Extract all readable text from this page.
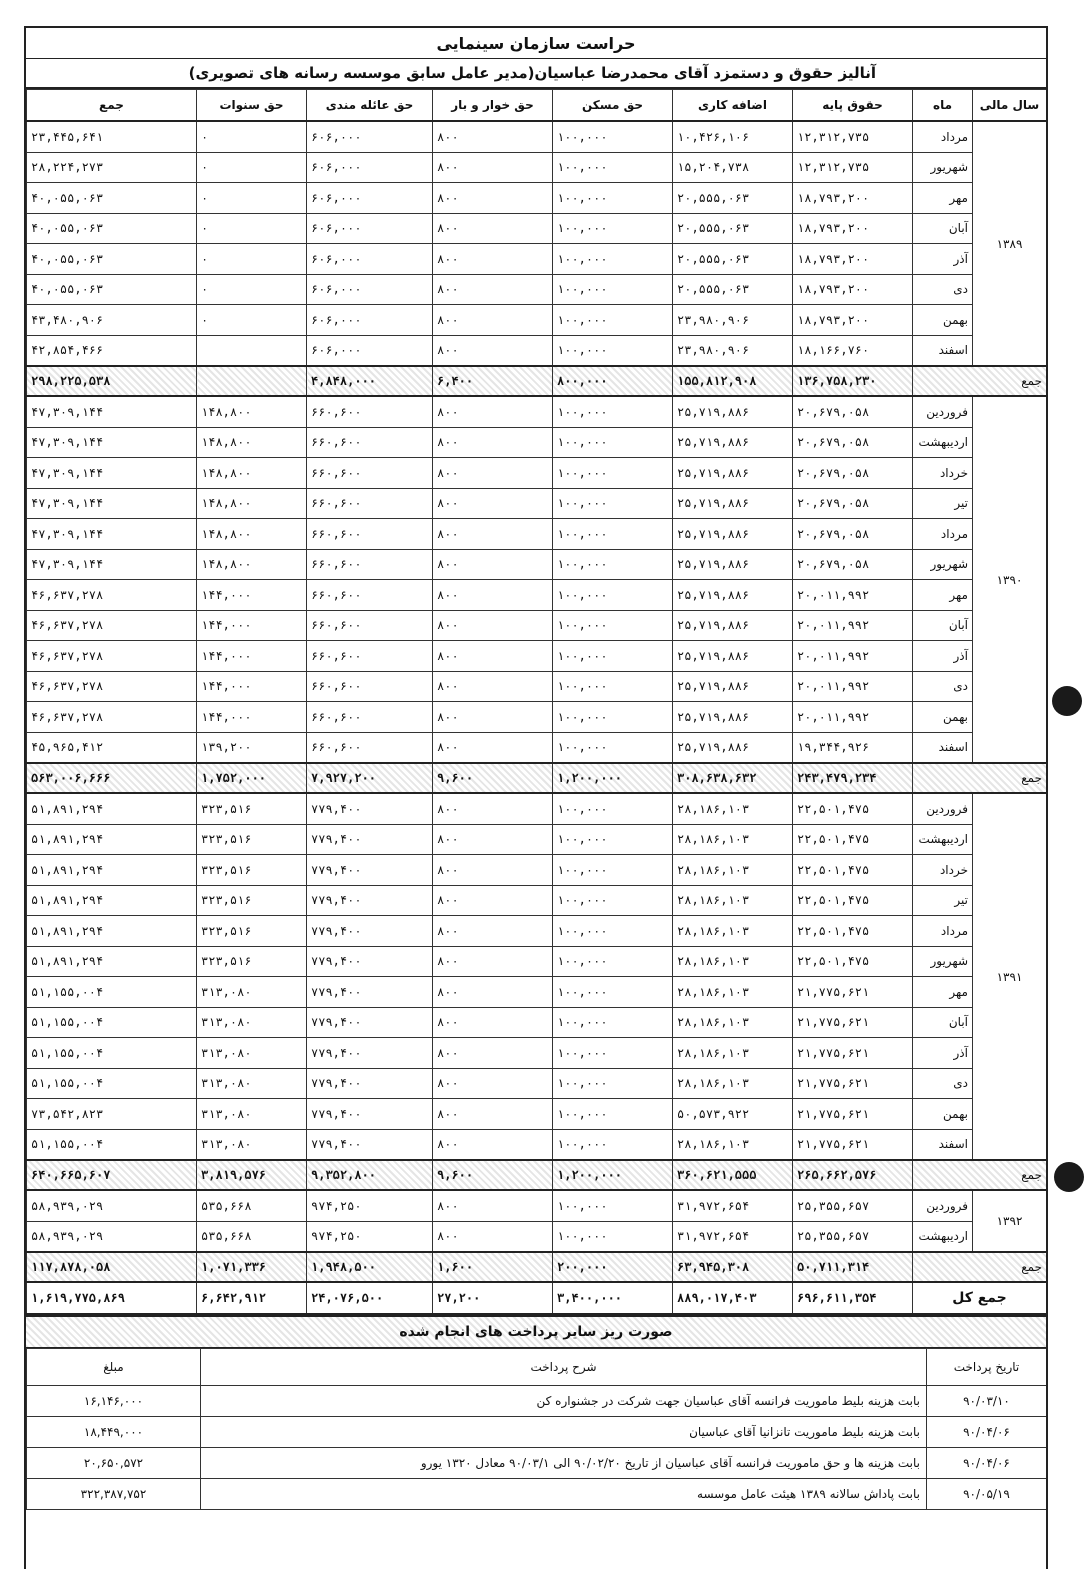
حراست سازمان سینمایی
آنالیز حقوق و دستمزد آقای محمدرضا عباسیان(مدیر عامل سابق موسسه رسانه های تصویری)
سال مالی	ماه	حقوق پایه	اضافه کاری	حق مسکن	حق خوار و بار	حق عائله مندی	حق سنوات	جمع
۱۳۸۹	مرداد	۱۲,۳۱۲,۷۳۵	۱۰,۴۲۶,۱۰۶	۱۰۰,۰۰۰	۸۰۰	۶۰۶,۰۰۰	۰	۲۳,۴۴۵,۶۴۱
	شهریور	۱۲,۳۱۲,۷۳۵	۱۵,۲۰۴,۷۳۸	۱۰۰,۰۰۰	۸۰۰	۶۰۶,۰۰۰	۰	۲۸,۲۲۴,۲۷۳
	مهر	۱۸,۷۹۳,۲۰۰	۲۰,۵۵۵,۰۶۳	۱۰۰,۰۰۰	۸۰۰	۶۰۶,۰۰۰	۰	۴۰,۰۵۵,۰۶۳
	آبان	۱۸,۷۹۳,۲۰۰	۲۰,۵۵۵,۰۶۳	۱۰۰,۰۰۰	۸۰۰	۶۰۶,۰۰۰	۰	۴۰,۰۵۵,۰۶۳
	آذر	۱۸,۷۹۳,۲۰۰	۲۰,۵۵۵,۰۶۳	۱۰۰,۰۰۰	۸۰۰	۶۰۶,۰۰۰	۰	۴۰,۰۵۵,۰۶۳
	دی	۱۸,۷۹۳,۲۰۰	۲۰,۵۵۵,۰۶۳	۱۰۰,۰۰۰	۸۰۰	۶۰۶,۰۰۰	۰	۴۰,۰۵۵,۰۶۳
	بهمن	۱۸,۷۹۳,۲۰۰	۲۳,۹۸۰,۹۰۶	۱۰۰,۰۰۰	۸۰۰	۶۰۶,۰۰۰	۰	۴۳,۴۸۰,۹۰۶
	اسفند	۱۸,۱۶۶,۷۶۰	۲۳,۹۸۰,۹۰۶	۱۰۰,۰۰۰	۸۰۰	۶۰۶,۰۰۰		۴۲,۸۵۴,۴۶۶
جمع		۱۳۶,۷۵۸,۲۳۰	۱۵۵,۸۱۲,۹۰۸	۸۰۰,۰۰۰	۶,۴۰۰	۴,۸۴۸,۰۰۰		۲۹۸,۲۲۵,۵۳۸
۱۳۹۰	فروردین	۲۰,۶۷۹,۰۵۸	۲۵,۷۱۹,۸۸۶	۱۰۰,۰۰۰	۸۰۰	۶۶۰,۶۰۰	۱۴۸,۸۰۰	۴۷,۳۰۹,۱۴۴
	اردیبهشت	۲۰,۶۷۹,۰۵۸	۲۵,۷۱۹,۸۸۶	۱۰۰,۰۰۰	۸۰۰	۶۶۰,۶۰۰	۱۴۸,۸۰۰	۴۷,۳۰۹,۱۴۴
	خرداد	۲۰,۶۷۹,۰۵۸	۲۵,۷۱۹,۸۸۶	۱۰۰,۰۰۰	۸۰۰	۶۶۰,۶۰۰	۱۴۸,۸۰۰	۴۷,۳۰۹,۱۴۴
	تیر	۲۰,۶۷۹,۰۵۸	۲۵,۷۱۹,۸۸۶	۱۰۰,۰۰۰	۸۰۰	۶۶۰,۶۰۰	۱۴۸,۸۰۰	۴۷,۳۰۹,۱۴۴
	مرداد	۲۰,۶۷۹,۰۵۸	۲۵,۷۱۹,۸۸۶	۱۰۰,۰۰۰	۸۰۰	۶۶۰,۶۰۰	۱۴۸,۸۰۰	۴۷,۳۰۹,۱۴۴
	شهریور	۲۰,۶۷۹,۰۵۸	۲۵,۷۱۹,۸۸۶	۱۰۰,۰۰۰	۸۰۰	۶۶۰,۶۰۰	۱۴۸,۸۰۰	۴۷,۳۰۹,۱۴۴
	مهر	۲۰,۰۱۱,۹۹۲	۲۵,۷۱۹,۸۸۶	۱۰۰,۰۰۰	۸۰۰	۶۶۰,۶۰۰	۱۴۴,۰۰۰	۴۶,۶۳۷,۲۷۸
	آبان	۲۰,۰۱۱,۹۹۲	۲۵,۷۱۹,۸۸۶	۱۰۰,۰۰۰	۸۰۰	۶۶۰,۶۰۰	۱۴۴,۰۰۰	۴۶,۶۳۷,۲۷۸
	آذر	۲۰,۰۱۱,۹۹۲	۲۵,۷۱۹,۸۸۶	۱۰۰,۰۰۰	۸۰۰	۶۶۰,۶۰۰	۱۴۴,۰۰۰	۴۶,۶۳۷,۲۷۸
	دی	۲۰,۰۱۱,۹۹۲	۲۵,۷۱۹,۸۸۶	۱۰۰,۰۰۰	۸۰۰	۶۶۰,۶۰۰	۱۴۴,۰۰۰	۴۶,۶۳۷,۲۷۸
	بهمن	۲۰,۰۱۱,۹۹۲	۲۵,۷۱۹,۸۸۶	۱۰۰,۰۰۰	۸۰۰	۶۶۰,۶۰۰	۱۴۴,۰۰۰	۴۶,۶۳۷,۲۷۸
	اسفند	۱۹,۳۴۴,۹۲۶	۲۵,۷۱۹,۸۸۶	۱۰۰,۰۰۰	۸۰۰	۶۶۰,۶۰۰	۱۳۹,۲۰۰	۴۵,۹۶۵,۴۱۲
جمع		۲۴۳,۴۷۹,۲۳۴	۳۰۸,۶۳۸,۶۳۲	۱,۲۰۰,۰۰۰	۹,۶۰۰	۷,۹۲۷,۲۰۰	۱,۷۵۲,۰۰۰	۵۶۳,۰۰۶,۶۶۶
۱۳۹۱	فروردین	۲۲,۵۰۱,۴۷۵	۲۸,۱۸۶,۱۰۳	۱۰۰,۰۰۰	۸۰۰	۷۷۹,۴۰۰	۳۲۳,۵۱۶	۵۱,۸۹۱,۲۹۴
	اردیبهشت	۲۲,۵۰۱,۴۷۵	۲۸,۱۸۶,۱۰۳	۱۰۰,۰۰۰	۸۰۰	۷۷۹,۴۰۰	۳۲۳,۵۱۶	۵۱,۸۹۱,۲۹۴
	خرداد	۲۲,۵۰۱,۴۷۵	۲۸,۱۸۶,۱۰۳	۱۰۰,۰۰۰	۸۰۰	۷۷۹,۴۰۰	۳۲۳,۵۱۶	۵۱,۸۹۱,۲۹۴
	تیر	۲۲,۵۰۱,۴۷۵	۲۸,۱۸۶,۱۰۳	۱۰۰,۰۰۰	۸۰۰	۷۷۹,۴۰۰	۳۲۳,۵۱۶	۵۱,۸۹۱,۲۹۴
	مرداد	۲۲,۵۰۱,۴۷۵	۲۸,۱۸۶,۱۰۳	۱۰۰,۰۰۰	۸۰۰	۷۷۹,۴۰۰	۳۲۳,۵۱۶	۵۱,۸۹۱,۲۹۴
	شهریور	۲۲,۵۰۱,۴۷۵	۲۸,۱۸۶,۱۰۳	۱۰۰,۰۰۰	۸۰۰	۷۷۹,۴۰۰	۳۲۳,۵۱۶	۵۱,۸۹۱,۲۹۴
	مهر	۲۱,۷۷۵,۶۲۱	۲۸,۱۸۶,۱۰۳	۱۰۰,۰۰۰	۸۰۰	۷۷۹,۴۰۰	۳۱۳,۰۸۰	۵۱,۱۵۵,۰۰۴
	آبان	۲۱,۷۷۵,۶۲۱	۲۸,۱۸۶,۱۰۳	۱۰۰,۰۰۰	۸۰۰	۷۷۹,۴۰۰	۳۱۳,۰۸۰	۵۱,۱۵۵,۰۰۴
	آذر	۲۱,۷۷۵,۶۲۱	۲۸,۱۸۶,۱۰۳	۱۰۰,۰۰۰	۸۰۰	۷۷۹,۴۰۰	۳۱۳,۰۸۰	۵۱,۱۵۵,۰۰۴
	دی	۲۱,۷۷۵,۶۲۱	۲۸,۱۸۶,۱۰۳	۱۰۰,۰۰۰	۸۰۰	۷۷۹,۴۰۰	۳۱۳,۰۸۰	۵۱,۱۵۵,۰۰۴
	بهمن	۲۱,۷۷۵,۶۲۱	۵۰,۵۷۳,۹۲۲	۱۰۰,۰۰۰	۸۰۰	۷۷۹,۴۰۰	۳۱۳,۰۸۰	۷۳,۵۴۲,۸۲۳
	اسفند	۲۱,۷۷۵,۶۲۱	۲۸,۱۸۶,۱۰۳	۱۰۰,۰۰۰	۸۰۰	۷۷۹,۴۰۰	۳۱۳,۰۸۰	۵۱,۱۵۵,۰۰۴
جمع		۲۶۵,۶۶۲,۵۷۶	۳۶۰,۶۲۱,۵۵۵	۱,۲۰۰,۰۰۰	۹,۶۰۰	۹,۳۵۲,۸۰۰	۳,۸۱۹,۵۷۶	۶۴۰,۶۶۵,۶۰۷
۱۳۹۲	فروردین	۲۵,۳۵۵,۶۵۷	۳۱,۹۷۲,۶۵۴	۱۰۰,۰۰۰	۸۰۰	۹۷۴,۲۵۰	۵۳۵,۶۶۸	۵۸,۹۳۹,۰۲۹
	اردیبهشت	۲۵,۳۵۵,۶۵۷	۳۱,۹۷۲,۶۵۴	۱۰۰,۰۰۰	۸۰۰	۹۷۴,۲۵۰	۵۳۵,۶۶۸	۵۸,۹۳۹,۰۲۹
جمع		۵۰,۷۱۱,۳۱۴	۶۳,۹۴۵,۳۰۸	۲۰۰,۰۰۰	۱,۶۰۰	۱,۹۴۸,۵۰۰	۱,۰۷۱,۳۳۶	۱۱۷,۸۷۸,۰۵۸
جمع کل		۶۹۶,۶۱۱,۳۵۴	۸۸۹,۰۱۷,۴۰۳	۳,۴۰۰,۰۰۰	۲۷,۲۰۰	۲۴,۰۷۶,۵۰۰	۶,۶۴۲,۹۱۲	۱,۶۱۹,۷۷۵,۸۶۹
صورت ریز سایر پرداخت های انجام شده
تاریخ پرداخت	شرح پرداخت	مبلغ
۹۰/۰۳/۱۰	بابت هزینه بلیط ماموریت فرانسه آقای عباسیان جهت شرکت در جشنواره کن	۱۶,۱۴۶,۰۰۰
۹۰/۰۴/۰۶	بابت هزینه بلیط ماموریت تانزانیا آقای عباسیان	۱۸,۴۴۹,۰۰۰
۹۰/۰۴/۰۶	بابت هزینه ها و حق ماموریت فرانسه آقای عباسیان از تاریخ ۹۰/۰۲/۲۰ الی ۹۰/۰۳/۱ معادل ۱۳۲۰ یورو	۲۰,۶۵۰,۵۷۲
۹۰/۰۵/۱۹	بابت پاداش سالانه ۱۳۸۹ هیئت عامل موسسه	۳۲۲,۳۸۷,۷۵۲
